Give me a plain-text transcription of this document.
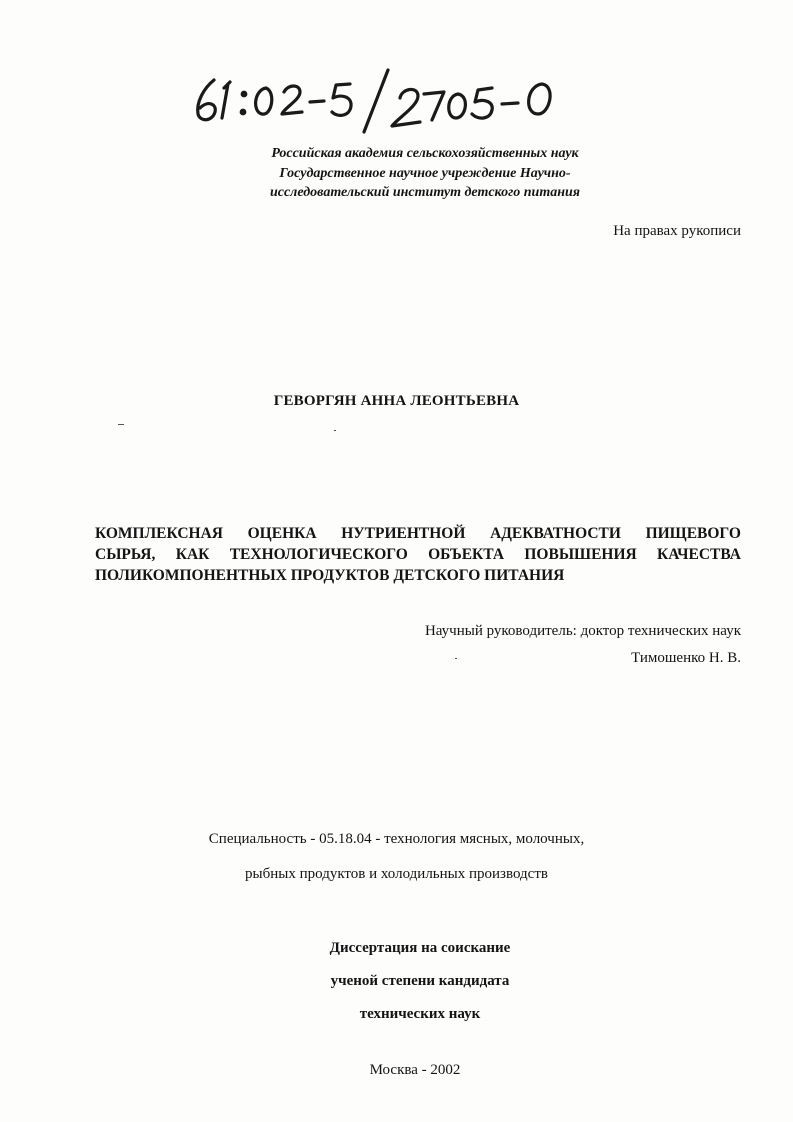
Российская академия сельскохозяйственных наук
Государственное научное учреждение Научно-
исследовательский институт детского питания
На правах рукописи
ГЕВОРГЯН АННА ЛЕОНТЬЕВНА
КОМПЛЕКСНАЯ ОЦЕНКА НУТРИЕНТНОЙ АДЕКВАТНОСТИ ПИЩЕВОГО
СЫРЬЯ, КАК ТЕХНОЛОГИЧЕСКОГО ОБЪЕКТА ПОВЫШЕНИЯ КАЧЕСТВА
ПОЛИКОМПОНЕНТНЫХ ПРОДУКТОВ ДЕТСКОГО ПИТАНИЯ
Научный руководитель: доктор технических наук
Тимошенко Н. В.
Специальность - 05.18.04 - технология мясных, молочных,
рыбных продуктов и холодильных производств
Диссертация на соискание
ученой степени кандидата
технических наук
Москва - 2002
